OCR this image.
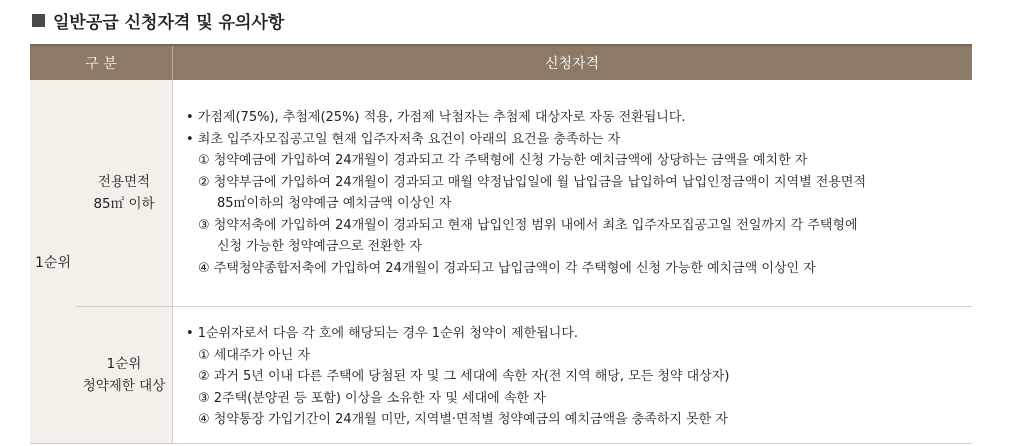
일반공급 신청자격 및 유의사항
구 분	신청자격
1순위
전용면적
85㎡ 이하
• 가점제(75%), 추첨제(25%) 적용, 가점제 낙첨자는 추첨제 대상자로 자동 전환됩니다.
• 최초 입주자모집공고일 현재 입주자저축 요건이 아래의 요건을 충족하는 자
① 청약예금에 가입하여 24개월이 경과되고 각 주택형에 신청 가능한 예치금액에 상당하는 금액을 예치한 자
② 청약부금에 가입하여 24개월이 경과되고 매월 약정납입일에 월 납입금을 납입하여 납입인정금액이 지역별 전용면적
85㎡이하의 청약예금 예치금액 이상인 자
③ 청약저축에 가입하여 24개월이 경과되고 현재 납입인정 범위 내에서 최초 입주자모집공고일 전일까지 각 주택형에
신청 가능한 청약예금으로 전환한 자
④ 주택청약종합저축에 가입하여 24개월이 경과되고 납입금액이 각 주택형에 신청 가능한 예치금액 이상인 자
1순위
청약제한 대상
• 1순위자로서 다음 각 호에 해당되는 경우 1순위 청약이 제한됩니다.
① 세대주가 아닌 자
② 과거 5년 이내 다른 주택에 당첨된 자 및 그 세대에 속한 자(전 지역 해당, 모든 청약 대상자)
③ 2주택(분양권 등 포함) 이상을 소유한 자 및 세대에 속한 자
④ 청약통장 가입기간이 24개월 미만, 지역별·면적별 청약예금의 예치금액을 충족하지 못한 자
